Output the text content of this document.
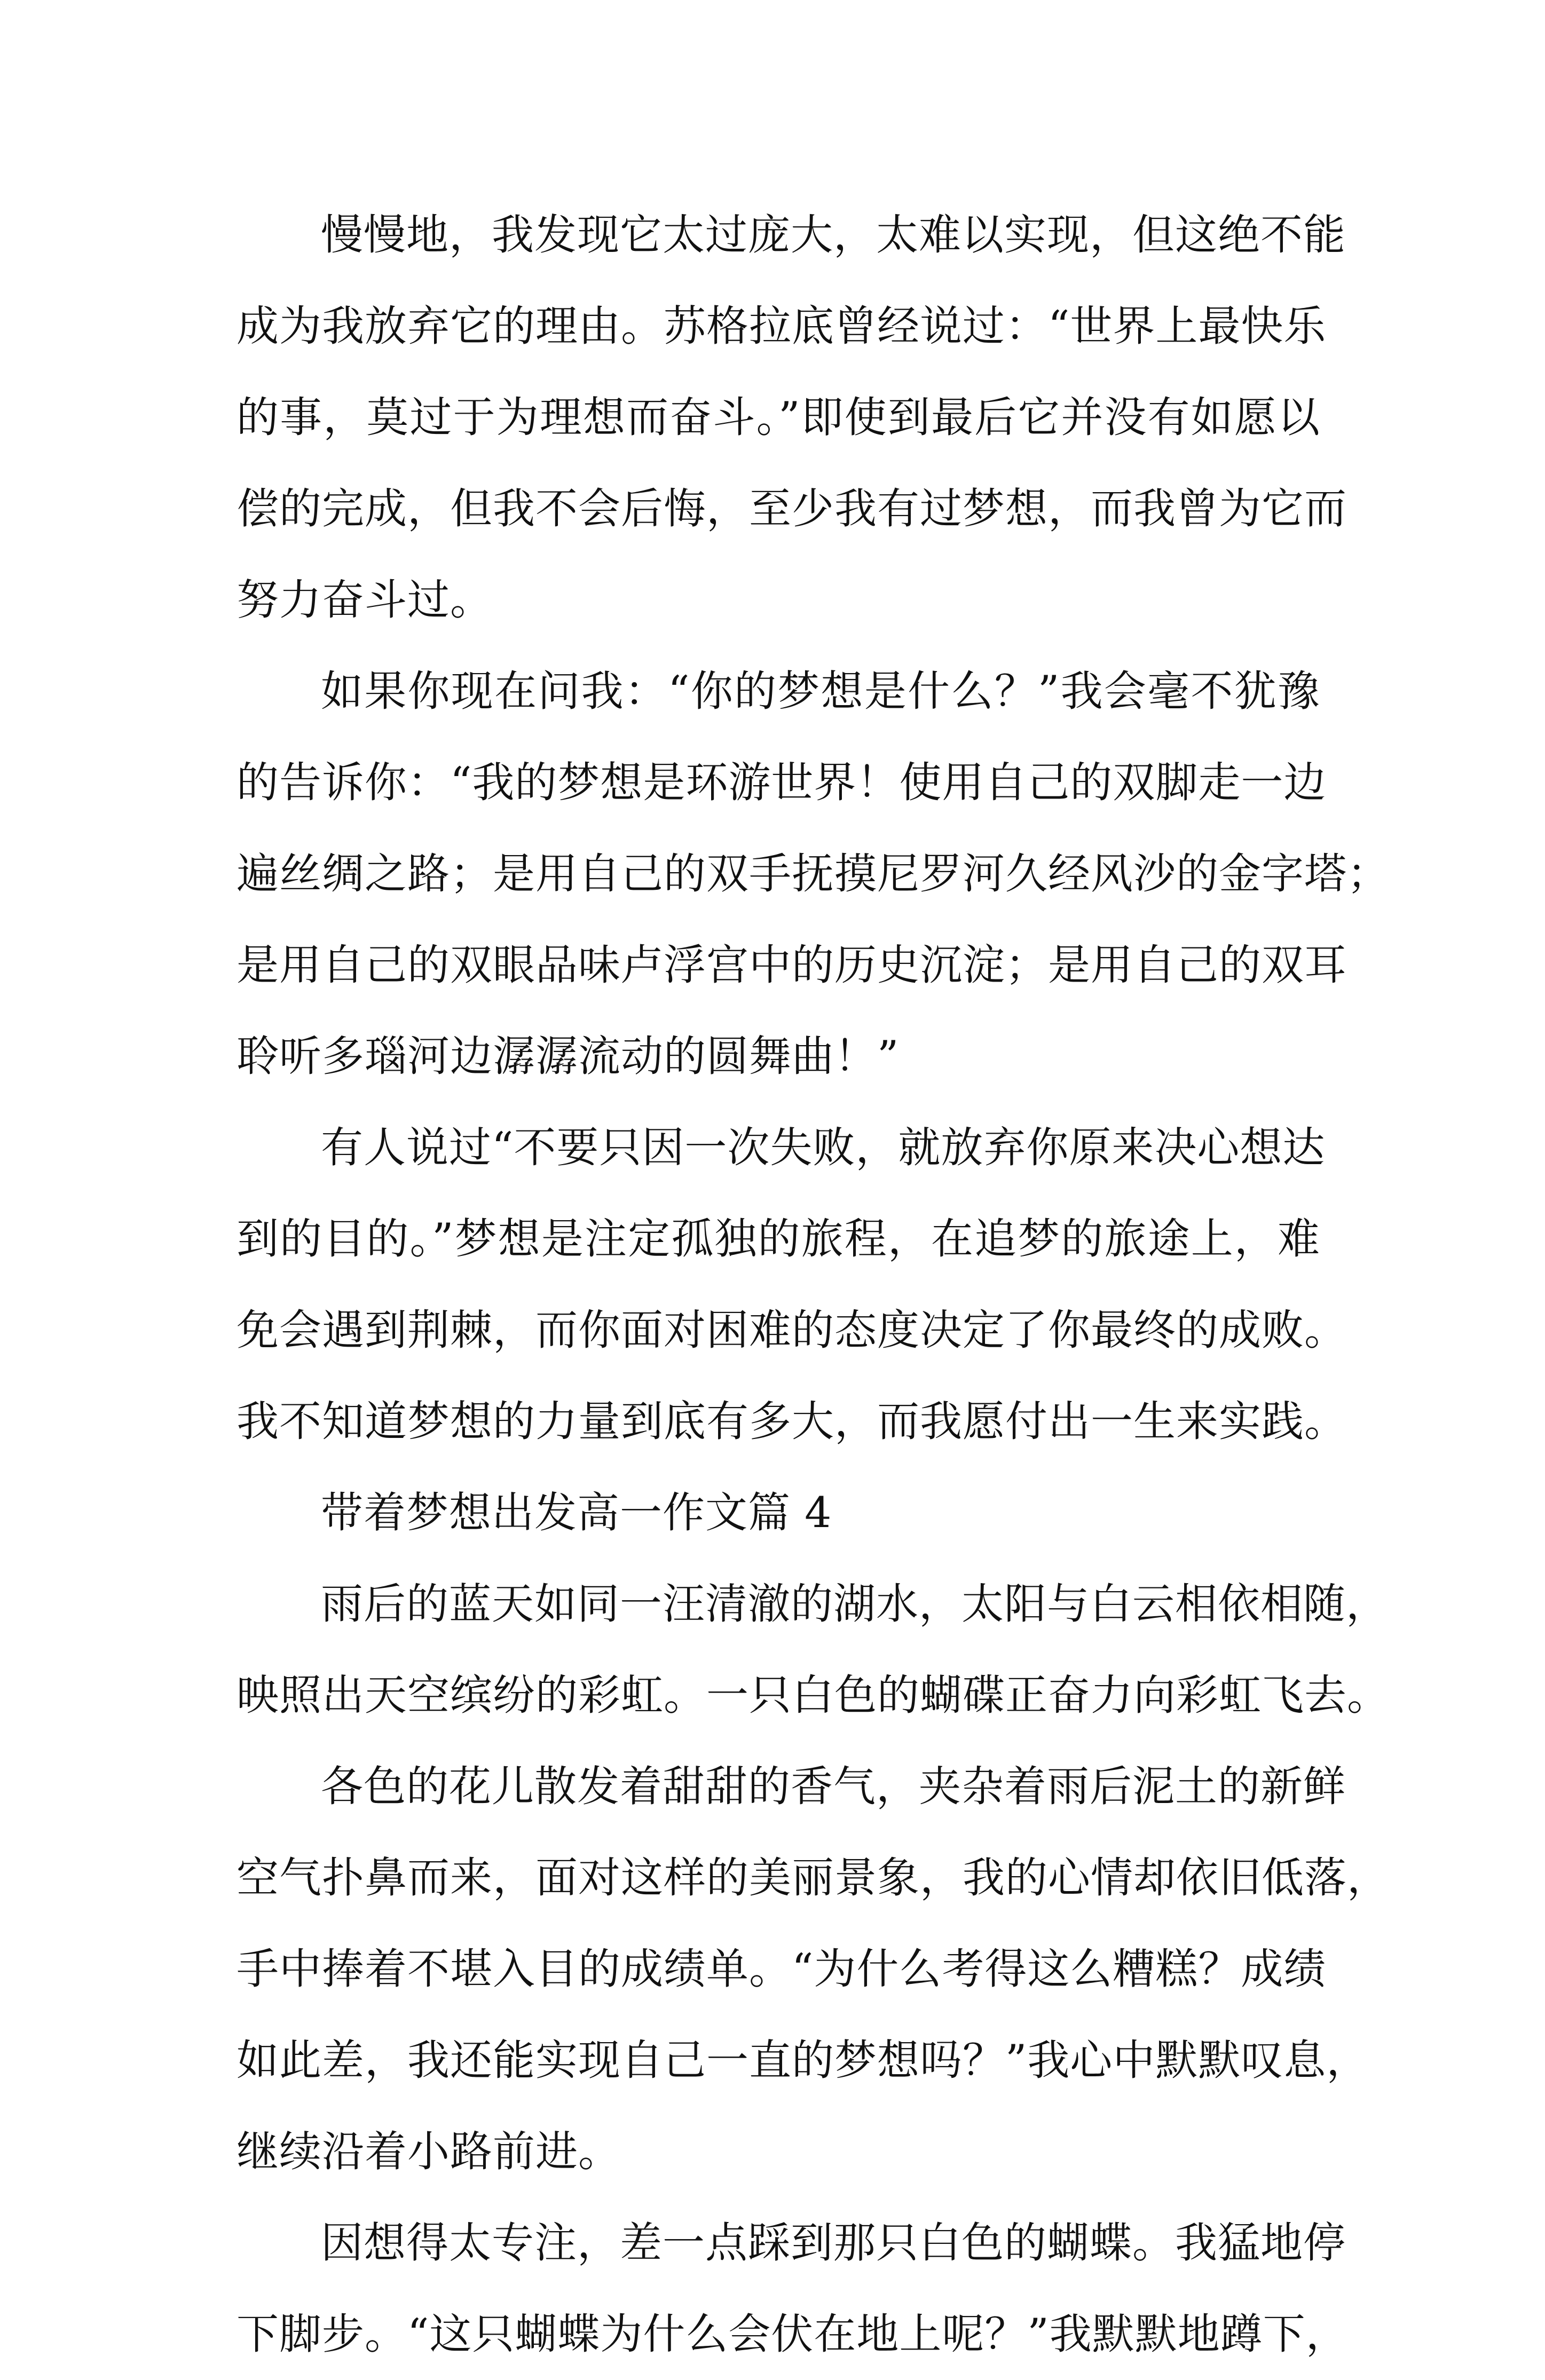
慢慢地，我发现它太过庞大，太难以实现，但这绝不能
成为我放弃它的理由。苏格拉底曾经说过：“世界上最快乐
的事，莫过于为理想而奋斗。”即使到最后它并没有如愿以
偿的完成，但我不会后悔，至少我有过梦想，而我曾为它而
努力奋斗过。
如果你现在问我：“你的梦想是什么？”我会毫不犹豫
的告诉你：“我的梦想是环游世界！使用自己的双脚走一边
遍丝绸之路；是用自己的双手抚摸尼罗河久经风沙的金字塔；
是用自己的双眼品味卢浮宫中的历史沉淀；是用自己的双耳
聆听多瑙河边潺潺流动的圆舞曲！”
有人说过“不要只因一次失败，就放弃你原来决心想达
到的目的。”梦想是注定孤独的旅程，在追梦的旅途上，难
免会遇到荆棘，而你面对困难的态度决定了你最终的成败。
我不知道梦想的力量到底有多大，而我愿付出一生来实践。
带着梦想出发高一作文篇 4
雨后的蓝天如同一汪清澈的湖水，太阳与白云相依相随，
映照出天空缤纷的彩虹。一只白色的蝴碟正奋力向彩虹飞去。
各色的花儿散发着甜甜的香气，夹杂着雨后泥土的新鲜
空气扑鼻而来，面对这样的美丽景象，我的心情却依旧低落，
手中捧着不堪入目的成绩单。“为什么考得这么糟糕？成绩
如此差，我还能实现自己一直的梦想吗？”我心中默默叹息，
继续沿着小路前进。
因想得太专注，差一点踩到那只白色的蝴蝶。我猛地停
下脚步。“这只蝴蝶为什么会伏在地上呢？”我默默地蹲下，
